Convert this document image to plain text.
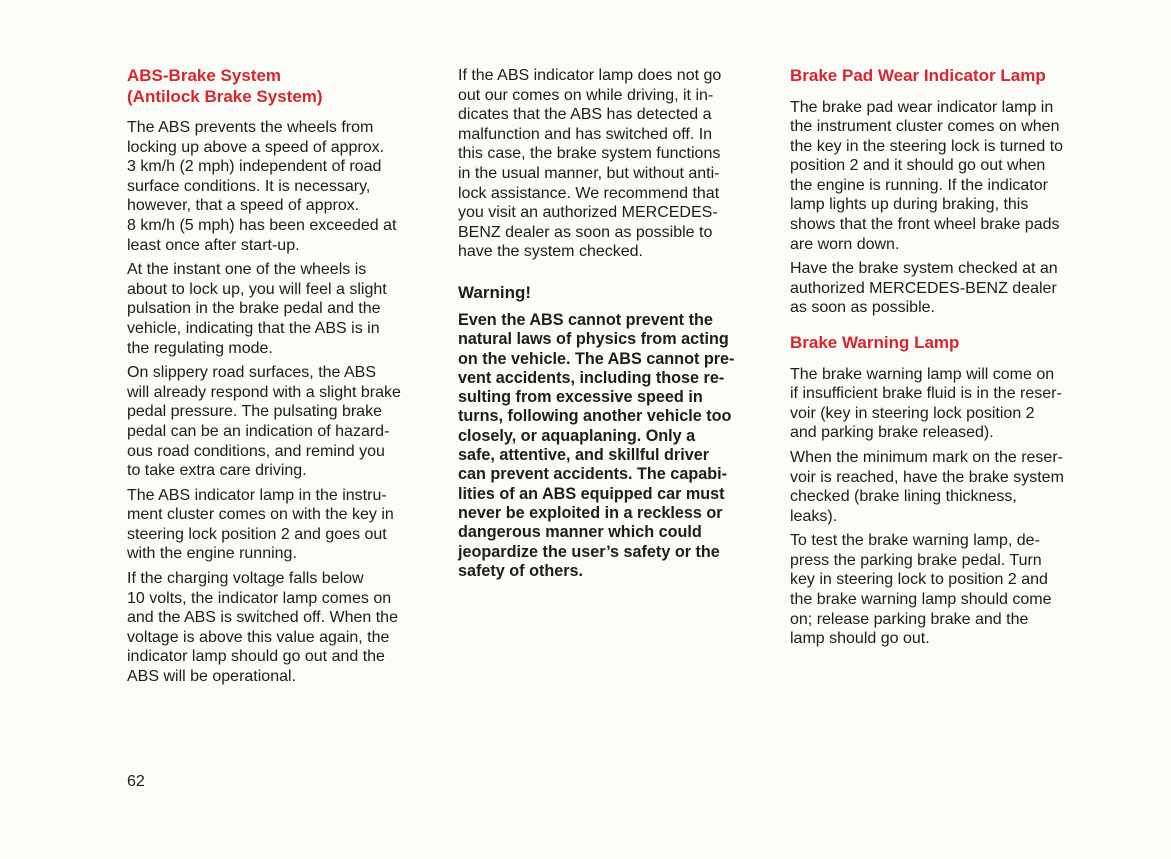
ABS-Brake System
(Antilock Brake System)
The ABS prevents the wheels from
locking up above a speed of approx.
3 km/h (2 mph) independent of road
surface conditions. It is necessary,
however, that a speed of approx.
8 km/h (5 mph) has been exceeded at
least once after start-up.
At the instant one of the wheels is
about to lock up, you will feel a slight
pulsation in the brake pedal and the
vehicle, indicating that the ABS is in
the regulating mode.
On slippery road surfaces, the ABS
will already respond with a slight brake
pedal pressure. The pulsating brake
pedal can be an indication of hazard-
ous road conditions, and remind you
to take extra care driving.
The ABS indicator lamp in the instru-
ment cluster comes on with the key in
steering lock position 2 and goes out
with the engine running.
If the charging voltage falls below
10 volts, the indicator lamp comes on
and the ABS is switched off. When the
voltage is above this value again, the
indicator lamp should go out and the
ABS will be operational.
If the ABS indicator lamp does not go
out our comes on while driving, it in-
dicates that the ABS has detected a
malfunction and has switched off. In
this case, the brake system functions
in the usual manner, but without anti-
lock assistance. We recommend that
you visit an authorized MERCEDES-
BENZ dealer as soon as possible to
have the system checked.
Warning!
Even the ABS cannot prevent the
natural laws of physics from acting
on the vehicle. The ABS cannot pre-
vent accidents, including those re-
sulting from excessive speed in
turns, following another vehicle too
closely, or aquaplaning. Only a
safe, attentive, and skillful driver
can prevent accidents. The capabi-
lities of an ABS equipped car must
never be exploited in a reckless or
dangerous manner which could
jeopardize the user’s safety or the
safety of others.
Brake Pad Wear Indicator Lamp
The brake pad wear indicator lamp in
the instrument cluster comes on when
the key in the steering lock is turned to
position 2 and it should go out when
the engine is running. If the indicator
lamp lights up during braking, this
shows that the front wheel brake pads
are worn down.
Have the brake system checked at an
authorized MERCEDES-BENZ dealer
as soon as possible.
Brake Warning Lamp
The brake warning lamp will come on
if insufficient brake fluid is in the reser-
voir (key in steering lock position 2
and parking brake released).
When the minimum mark on the reser-
voir is reached, have the brake system
checked (brake lining thickness,
leaks).
To test the brake warning lamp, de-
press the parking brake pedal. Turn
key in steering lock to position 2 and
the brake warning lamp should come
on; release parking brake and the
lamp should go out.
62
